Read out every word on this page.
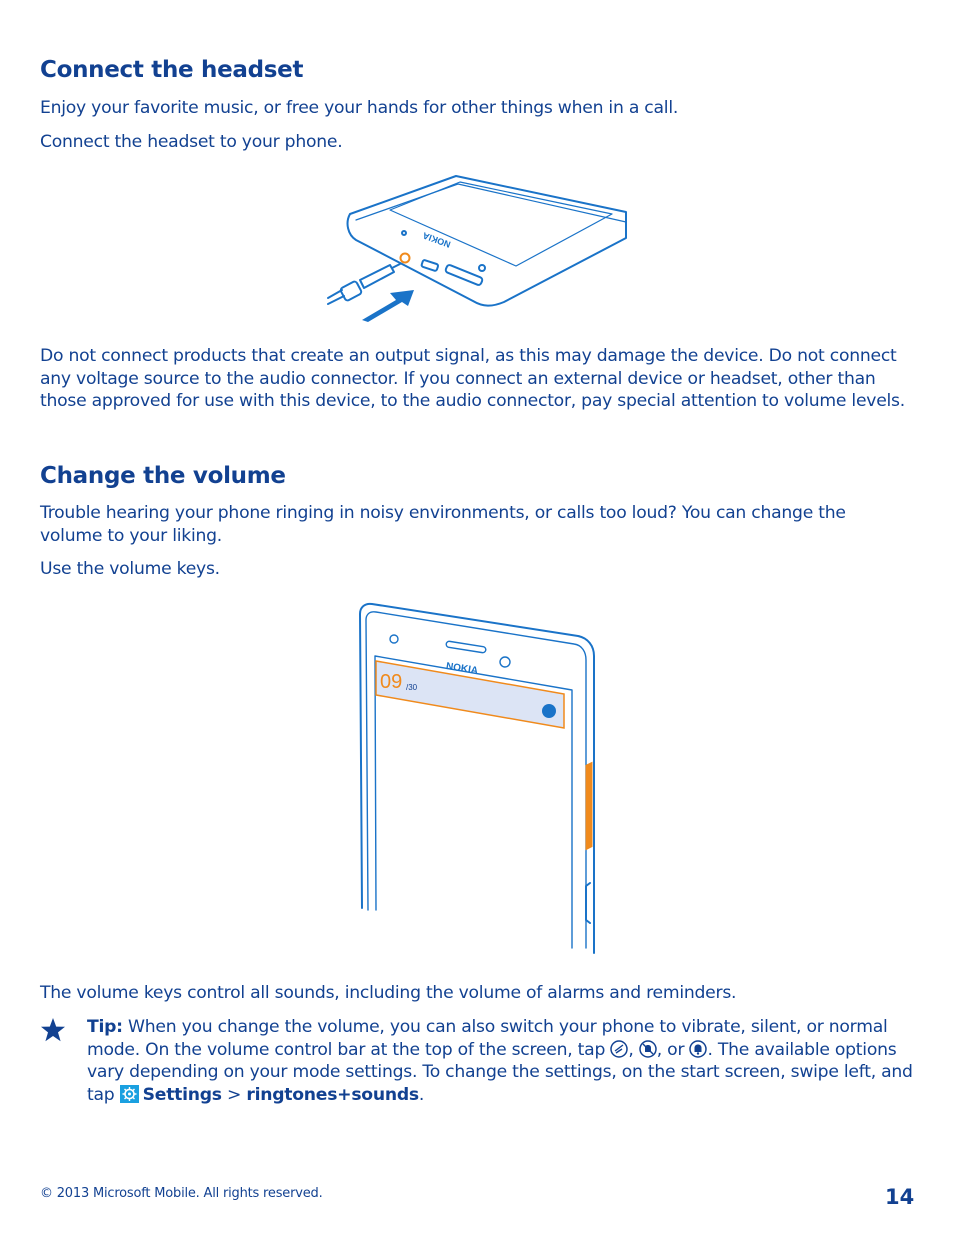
Connect the headset

Enjoy your favorite music, or free your hands for other things when in a call.

Connect the headset to your phone.

NOKIA

Do not connect products that create an output signal, as this may damage the device. Do not connect any voltage source to the audio connector. If you connect an external device or headset, other than those approved for use with this device, to the audio connector, pay special attention to volume levels.

Change the volume

Trouble hearing your phone ringing in noisy environments, or calls too loud? You can change the volume to your liking.

Use the volume keys.

09 /30
NOKIA

The volume keys control all sounds, including the volume of alarms and reminders.

Tip: When you change the volume, you can also switch your phone to vibrate, silent, or normal mode. On the volume control bar at the top of the screen, tap , , or . The available options vary depending on your mode settings. To change the settings, on the start screen, swipe left, and tap
Settings > ringtones+sounds.

© 2013 Microsoft Mobile. All rights reserved.	14
